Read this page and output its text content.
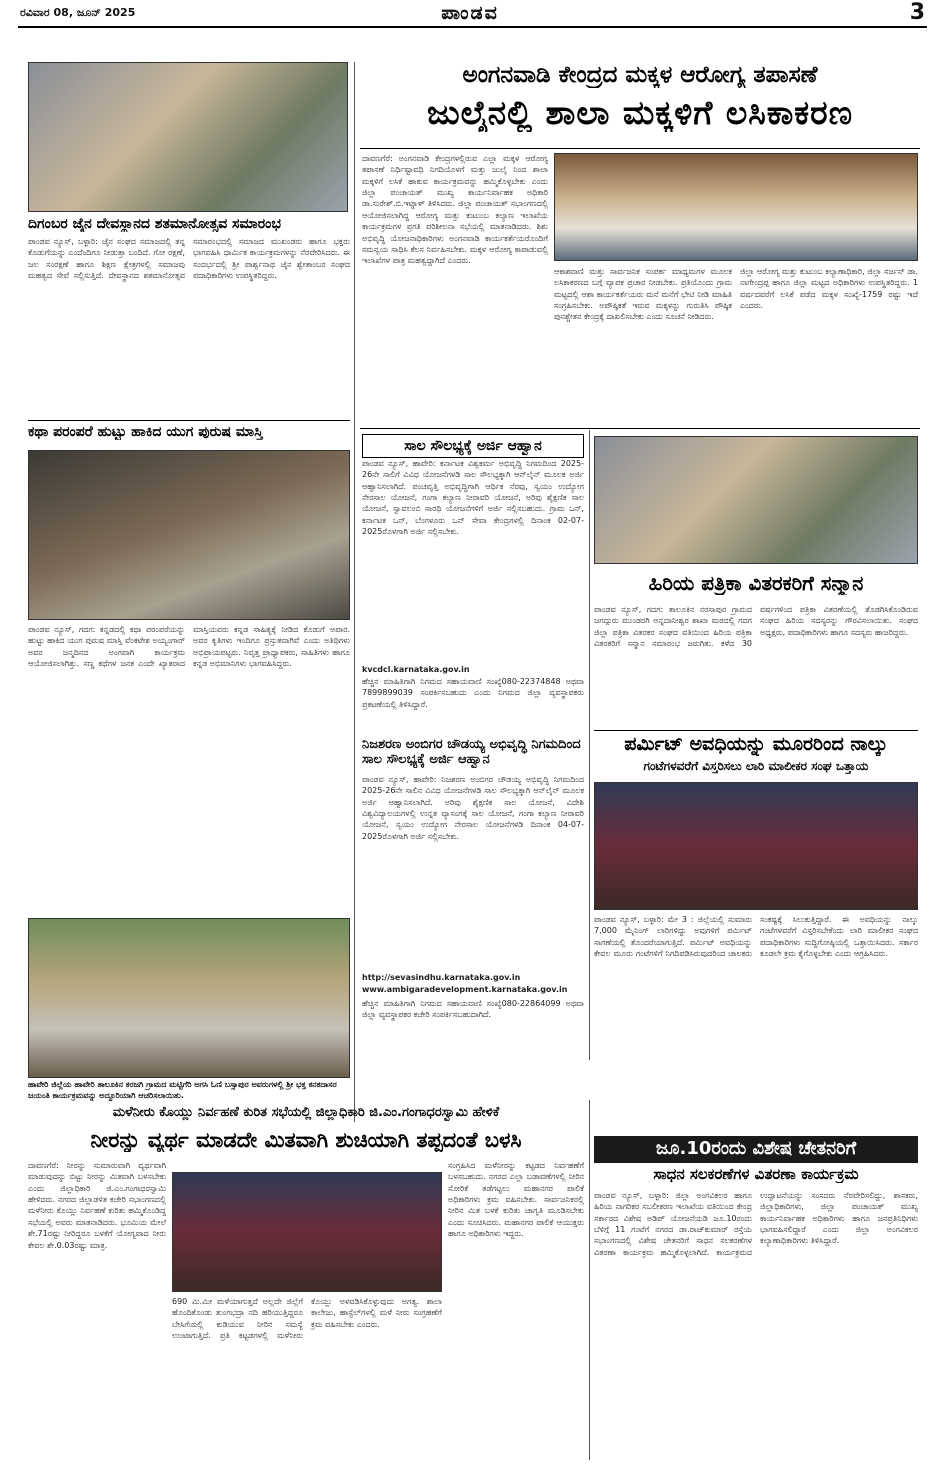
ರವಿವಾರ 08, ಜೂನ್ 2025	ಪಾಂಡವ	3
ದಿಗಂಬರ ಜೈನ ದೇವಸ್ಥಾನದ ಶತಮಾನೋತ್ಸವ ಸಮಾರಂಭ
ಪಾಂಡವ ನ್ಯೂಸ್, ಬಳ್ಳಾರಿ: ಜೈನ ಸಂಘದ ಸಮಾಜದಲ್ಲಿ ತನ್ನ ಕೊಡುಗೆಯನ್ನು ಎಂದೆಂದಿಗೂ ನೀಡುತ್ತಾ ಬಂದಿದೆ. ಗೋ ರಕ್ಷಣೆ, ಜಲ ಸಂರಕ್ಷಣೆ ಹಾಗೂ ಶಿಕ್ಷಣ ಕ್ಷೇತ್ರಗಳಲ್ಲಿ ಸಮಾಜವು ಮಹತ್ವದ ಸೇವೆ ಸಲ್ಲಿಸುತ್ತಿದೆ. ದೇವಸ್ಥಾನದ ಶತಮಾನೋತ್ಸವ ಸಮಾರಂಭದಲ್ಲಿ ಸಮಾಜದ ಮುಖಂಡರು ಹಾಗೂ ಭಕ್ತರು ಭಾಗವಹಿಸಿ ಧಾರ್ಮಿಕ ಕಾರ್ಯಕ್ರಮಗಳನ್ನು ನೆರವೇರಿಸಿದರು. ಈ ಸಂದರ್ಭದಲ್ಲಿ ಶ್ರೀ ಪಾರ್ಶ್ವನಾಥ ಜೈನ ಶ್ವೇತಾಂಬರ ಸಂಘದ ಪದಾಧಿಕಾರಿಗಳು ಉಪಸ್ಥಿತರಿದ್ದರು.
ಕಥಾ ಪರಂಪರೆ ಹುಟ್ಟು ಹಾಕಿದ ಯುಗ ಪುರುಷ ಮಾಸ್ತಿ
ಪಾಂಡವ ನ್ಯೂಸ್, ಗದಗ: ಕನ್ನಡದಲ್ಲಿ ಕಥಾ ಪರಂಪರೆಯನ್ನು ಹುಟ್ಟು ಹಾಕಿದ ಯುಗ ಪುರುಷ ಮಾಸ್ತಿ ವೆಂಕಟೇಶ ಅಯ್ಯಂಗಾರ್ ಅವರ ಜನ್ಮದಿನದ ಅಂಗವಾಗಿ ಕಾರ್ಯಕ್ರಮ ಆಯೋಜಿಸಲಾಗಿತ್ತು. ಸಣ್ಣ ಕಥೆಗಳ ಜನಕ ಎಂದೇ ಖ್ಯಾತರಾದ ಮಾಸ್ತಿಯವರು ಕನ್ನಡ ಸಾಹಿತ್ಯಕ್ಕೆ ನೀಡಿದ ಕೊಡುಗೆ ಅಪಾರ. ಅವರ ಕೃತಿಗಳು ಇಂದಿಗೂ ಪ್ರಸ್ತುತವಾಗಿವೆ ಎಂದು ಅತಿಥಿಗಳು ಅಭಿಪ್ರಾಯಪಟ್ಟರು. ನಿವೃತ್ತ ಪ್ರಾಧ್ಯಾಪಕರು, ಸಾಹಿತಿಗಳು ಹಾಗೂ ಕನ್ನಡ ಅಭಿಮಾನಿಗಳು ಭಾಗವಹಿಸಿದ್ದರು.
ಹಾವೇರಿ ಜಿಲ್ಲೆಯ ಹಾವೇರಿ ತಾಲೂಕಿನ ಕರಜಗಿ ಗ್ರಾಮದ ಮಟ್ಟಿಗೆರಿ ಅಗಸಿ ಓಣಿ ಬಸ್ಸಾಪುರ ಅವರುಗಳಲ್ಲಿ ಶ್ರೀ ಭಕ್ತ ಕನಕದಾಸರ ಜಯಂತಿ ಕಾರ್ಯಕ್ರಮವನ್ನು ಅದ್ದೂರಿಯಾಗಿ ಆಚರಿಸಲಾಯಿತು.
ಅಂಗನವಾಡಿ ಕೇಂದ್ರದ ಮಕ್ಕಳ ಆರೋಗ್ಯ ತಪಾಸಣೆ
ಜುಲೈನಲ್ಲಿ ಶಾಲಾ ಮಕ್ಕಳಿಗೆ ಲಸಿಕಾಕರಣ
ದಾವಣಗೆರೆ: ಅಂಗನವಾಡಿ ಕೇಂದ್ರಗಳಲ್ಲಿರುವ ಎಲ್ಲಾ ಮಕ್ಕಳ ಆರೋಗ್ಯ ತಪಾಸಣೆ ನಿರ್ಧಿಷ್ಟಾವಧಿ ನಿಗದಿಯೊಳಗೆ ಮತ್ತು ಜುಲೈ ನಿಂದ ಶಾಲಾ ಮಕ್ಕಳಿಗೆ ಲಸಿಕೆ ಹಾಕುವ ಕಾರ್ಯಕ್ರಮವನ್ನು ಹಮ್ಮಿಕೊಳ್ಳಬೇಕು ಎಂದು ಜಿಲ್ಲಾ ಪಂಚಾಯತ್ ಮುಖ್ಯ ಕಾರ್ಯನಿರ್ವಾಹಕ ಅಧಿಕಾರಿ ಡಾ.ಸುರೇಶ್.ಬಿ.ಇಟ್ನಾಳ್ ತಿಳಿಸಿದರು. ಜಿಲ್ಲಾ ಪಂಚಾಯತ್ ಸಭಾಂಗಣದಲ್ಲಿ ಆಯೋಜಿಸಲಾಗಿದ್ದ ಆರೋಗ್ಯ ಮತ್ತು ಕುಟುಂಬ ಕಲ್ಯಾಣ ಇಲಾಖೆಯ ಕಾರ್ಯಕ್ರಮಗಳ ಪ್ರಗತಿ ಪರಿಶೀಲನಾ ಸಭೆಯಲ್ಲಿ ಮಾತನಾಡಿದರು. ಶಿಶು ಅಭಿವೃದ್ಧಿ ಯೋಜನಾಧಿಕಾರಿಗಳು ಅಂಗನವಾಡಿ ಕಾರ್ಯಕರ್ತೆಯರೊಂದಿಗೆ ಸಮನ್ವಯ ಸಾಧಿಸಿ ಕೆಲಸ ನಿರ್ವಹಿಸಬೇಕು. ಮಕ್ಕಳ ಆರೋಗ್ಯ ಕಾಪಾಡುವಲ್ಲಿ ಇಲಾಖೆಗಳ ಪಾತ್ರ ಮಹತ್ವದ್ದಾಗಿದೆ ಎಂದರು.
ಆಕಾಶವಾಣಿ ಮತ್ತು ಸಾರ್ವಜನಿಕ ಸಂಪರ್ಕ ಮಾಧ್ಯಮಗಳ ಮೂಲಕ ಲಸಿಕಾಕರಣದ ಬಗ್ಗೆ ವ್ಯಾಪಕ ಪ್ರಚಾರ ನೀಡಬೇಕು. ಪ್ರತಿಯೊಂದು ಗ್ರಾಮ ಮಟ್ಟದಲ್ಲಿ ಆಶಾ ಕಾರ್ಯಕರ್ತೆಯರು ಮನೆ ಮನೆಗೆ ಭೇಟಿ ನೀಡಿ ಮಾಹಿತಿ ಸಂಗ್ರಹಿಸಬೇಕು. ಅಪೌಷ್ಠಿಕತೆ ಇರುವ ಮಕ್ಕಳನ್ನು ಗುರುತಿಸಿ ಪೌಷ್ಠಿಕ ಪುನಶ್ಚೇತನ ಕೇಂದ್ರಕ್ಕೆ ದಾಖಲಿಸಬೇಕು ಎಂದು ಸೂಚನೆ ನೀಡಿದರು.
ಜಿಲ್ಲಾ ಆರೋಗ್ಯ ಮತ್ತು ಕುಟುಂಬ ಕಲ್ಯಾಣಾಧಿಕಾರಿ, ಜಿಲ್ಲಾ ಸರ್ಜನ್ ಡಾ. ನಾಗೇಂದ್ರಪ್ಪ ಹಾಗೂ ಜಿಲ್ಲಾ ಮಟ್ಟದ ಅಧಿಕಾರಿಗಳು ಉಪಸ್ಥಿತರಿದ್ದರು. 1 ವರ್ಷದವರೆಗೆ ಲಸಿಕೆ ಪಡೆದ ಮಕ್ಕಳ ಸಂಖ್ಯೆ-1759 ರಷ್ಟು ಇದೆ ಎಂದರು.
ಸಾಲ ಸೌಲಭ್ಯಕ್ಕೆ ಅರ್ಜಿ ಆಹ್ವಾನ
ಪಾಂಡವ ನ್ಯೂಸ್, ಹಾವೇರಿ: ಕರ್ನಾಟಕ ವಿಶ್ವಕರ್ಮ ಅಭಿವೃದ್ಧಿ ನಿಗಮದಿಂದ 2025-26ನೇ ಸಾಲಿಗೆ ವಿವಿಧ ಯೋಜನೆಗಳಡಿ ಸಾಲ ಸೌಲಭ್ಯಕ್ಕಾಗಿ ಆನ್‌ಲೈನ್ ಮೂಲಕ ಅರ್ಜಿ ಆಹ್ವಾನಿಸಲಾಗಿದೆ. ಪಂಚವೃತ್ತಿ ಅಭಿವೃದ್ಧಿಗಾಗಿ ಆರ್ಥಿಕ ನೆರವು, ಸ್ವಯಂ ಉದ್ಯೋಗ ನೇರಸಾಲ ಯೋಜನೆ, ಗಂಗಾ ಕಲ್ಯಾಣ ನೀರಾವರಿ ಯೋಜನೆ, ಅರಿವು ಶೈಕ್ಷಣಿಕ ಸಾಲ ಯೋಜನೆ, ಸ್ವಾವಲಂಬಿ ಸಾರಥಿ ಯೋಜನೆಗಳಿಗೆ ಅರ್ಜಿ ಸಲ್ಲಿಸಬಹುದು. ಗ್ರಾಮ ಒನ್, ಕರ್ನಾಟಕ ಒನ್, ಬೆಂಗಳೂರು ಒನ್ ಸೇವಾ ಕೇಂದ್ರಗಳಲ್ಲಿ ದಿನಾಂಕ 02-07-2025ರೊಳಗಾಗಿ ಅರ್ಜಿ ಸಲ್ಲಿಸಬೇಕು.
kvcdcl.karnataka.gov.in
ಹೆಚ್ಚಿನ ಮಾಹಿತಿಗಾಗಿ ನಿಗಮದ ಸಹಾಯವಾಣಿ ಸಂಖ್ಯೆ080-22374848 ಅಥವಾ 7899899039 ಸಂಪರ್ಕಿಸಬಹುದು ಎಂದು ನಿಗಮದ ಜಿಲ್ಲಾ ವ್ಯವಸ್ಥಾಪಕರು ಪ್ರಕಟಣೆಯಲ್ಲಿ ತಿಳಿಸಿದ್ದಾರೆ.
ನಿಜಶರಣ ಅಂಬಿಗರ ಚೌಡಯ್ಯ ಅಭಿವೃದ್ಧಿ ನಿಗಮದಿಂದ ಸಾಲ ಸೌಲಭ್ಯಕ್ಕೆ ಅರ್ಜಿ ಆಹ್ವಾನ
ಪಾಂಡವ ನ್ಯೂಸ್, ಹಾವೇರಿ: ನಿಜಶರಣ ಅಂಬಿಗರ ಚೌಡಯ್ಯ ಅಭಿವೃದ್ಧಿ ನಿಗಮದಿಂದ 2025-26ನೇ ಸಾಲಿನ ವಿವಿಧ ಯೋಜನೆಗಳಡಿ ಸಾಲ ಸೌಲಭ್ಯಕ್ಕಾಗಿ ಆನ್‌ಲೈನ್ ಮೂಲಕ ಅರ್ಜಿ ಆಹ್ವಾನಿಸಲಾಗಿದೆ. ಅರಿವು ಶೈಕ್ಷಣಿಕ ಸಾಲ ಯೋಜನೆ, ವಿದೇಶಿ ವಿಶ್ವವಿದ್ಯಾಲಯಗಳಲ್ಲಿ ಉನ್ನತ ವ್ಯಾಸಂಗಕ್ಕೆ ಸಾಲ ಯೋಜನೆ, ಗಂಗಾ ಕಲ್ಯಾಣ ನೀರಾವರಿ ಯೋಜನೆ, ಸ್ವಯಂ ಉದ್ಯೋಗ ನೇರಸಾಲ ಯೋಜನೆಗಳಡಿ ದಿನಾಂಕ 04-07-2025ರೊಳಗಾಗಿ ಅರ್ಜಿ ಸಲ್ಲಿಸಬೇಕು.
http://sevasindhu.karnataka.gov.in
www.ambigaradevelopment.karnataka.gov.in
ಹೆಚ್ಚಿನ ಮಾಹಿತಿಗಾಗಿ ನಿಗಮದ ಸಹಾಯವಾಣಿ ಸಂಖ್ಯೆ080-22864099 ಅಥವಾ ಜಿಲ್ಲಾ ವ್ಯವಸ್ಥಾಪಕರ ಕಚೇರಿ ಸಂಪರ್ಕಿಸಬಹುದಾಗಿದೆ.
ಹಿರಿಯ ಪತ್ರಿಕಾ ವಿತರಕರಿಗೆ ಸನ್ಮಾನ
ಪಾಂಡವ ನ್ಯೂಸ್, ಗದಗ: ತಾಲೂಕಿನ ನರಸಾಪುರ ಗ್ರಾಮದ ಜಗದ್ಗುರು ಮುಂಡರಗಿ ಅನ್ನದಾನೀಶ್ವರ ಶಾಖಾ ಮಠದಲ್ಲಿ ಗದಗ ಜಿಲ್ಲಾ ಪತ್ರಿಕಾ ವಿತರಕರ ಸಂಘದ ವತಿಯಿಂದ ಹಿರಿಯ ಪತ್ರಿಕಾ ವಿತರಕರಿಗೆ ಸನ್ಮಾನ ಸಮಾರಂಭ ಜರುಗಿತು. ಕಳೆದ 30 ವರ್ಷಗಳಿಂದ ಪತ್ರಿಕಾ ವಿತರಣೆಯಲ್ಲಿ ತೊಡಗಿಸಿಕೊಂಡಿರುವ ಸಂಘದ ಹಿರಿಯ ಸದಸ್ಯರನ್ನು ಗೌರವಿಸಲಾಯಿತು. ಸಂಘದ ಅಧ್ಯಕ್ಷರು, ಪದಾಧಿಕಾರಿಗಳು ಹಾಗೂ ಸದಸ್ಯರು ಹಾಜರಿದ್ದರು.
ಪರ್ಮಿಟ್ ಅವಧಿಯನ್ನು ಮೂರರಿಂದ ನಾಲ್ಕು
ಗಂಟೆಗಳವರೆಗೆ ವಿಸ್ತರಿಸಲು ಲಾರಿ ಮಾಲೀಕರ ಸಂಘ ಒತ್ತಾಯ
ಪಾಂಡವ ನ್ಯೂಸ್, ಬಳ್ಳಾರಿ: ಮೇ 3 : ಜಿಲ್ಲೆಯಲ್ಲಿ ಸುಮಾರು 7,000 ಮೈನಿಂಗ್ ಲಾರಿಗಳಿದ್ದು ಅವುಗಳಿಗೆ ಪರ್ಮಿಟ್ ಸಾಗಣೆಯಲ್ಲಿ ತೊಂದರೆಯಾಗುತ್ತಿದೆ. ಪರ್ಮಿಟ್ ಅವಧಿಯನ್ನು ಕೇವಲ ಮೂರು ಗಂಟೆಗಳಿಗೆ ನಿಗದಿಪಡಿಸಿರುವುದರಿಂದ ಚಾಲಕರು ಸಂಕಷ್ಟಕ್ಕೆ ಸಿಲುಕುತ್ತಿದ್ದಾರೆ. ಈ ಅವಧಿಯನ್ನು ನಾಲ್ಕು ಗಂಟೆಗಳವರೆಗೆ ವಿಸ್ತರಿಸಬೇಕೆಂದು ಲಾರಿ ಮಾಲೀಕರ ಸಂಘದ ಪದಾಧಿಕಾರಿಗಳು ಸುದ್ದಿಗೋಷ್ಠಿಯಲ್ಲಿ ಒತ್ತಾಯಿಸಿದರು. ಸರ್ಕಾರ ಕೂಡಲೇ ಕ್ರಮ ಕೈಗೊಳ್ಳಬೇಕು ಎಂದು ಆಗ್ರಹಿಸಿದರು.
ಮಳೆನೀರು ಕೊಯ್ಲು ನಿರ್ವಹಣೆ ಕುರಿತ ಸಭೆಯಲ್ಲಿ ಜಿಲ್ಲಾಧಿಕಾರಿ ಜಿ.ಎಂ.ಗಂಗಾಧರಸ್ವಾಮಿ ಹೇಳಿಕೆ
ನೀರನ್ನು ವ್ಯರ್ಥ ಮಾಡದೇ ಮಿತವಾಗಿ ಶುಚಿಯಾಗಿ ತಪ್ಪದಂತೆ ಬಳಸಿ
ದಾವಣಗೆರೆ: ನೀರನ್ನು ಸುಮಾರುವಾಗಿ ವ್ಯರ್ಥವಾಗಿ ಮಾಡುವುದನ್ನು ಬಿಟ್ಟು ನೀರನ್ನು ಮಿತವಾಗಿ ಬಳಸಬೇಕು ಎಂದು ಜಿಲ್ಲಾಧಿಕಾರಿ ಜಿ.ಎಂ.ಗಂಗಾಧರಸ್ವಾಮಿ ಹೇಳಿದರು. ನಗರದ ಜಿಲ್ಲಾಡಳಿತ ಕಚೇರಿ ಸಭಾಂಗಣದಲ್ಲಿ ಮಳೆನೀರು ಕೊಯ್ಲು ನಿರ್ವಹಣೆ ಕುರಿತು ಹಮ್ಮಿಕೊಂಡಿದ್ದ ಸಭೆಯಲ್ಲಿ ಅವರು ಮಾತನಾಡಿದರು. ಭೂಮಿಯ ಮೇಲೆ ಶೇ.71ರಷ್ಟು ನೀರಿದ್ದರೂ ಬಳಕೆಗೆ ಯೋಗ್ಯವಾದ ನೀರು ಕೇವಲ ಶೇ.0.03ರಷ್ಟು ಮಾತ್ರ.
690 ಮಿ.ಮೀ ಮಳೆಯಾಗುತ್ತದೆ ಅಲ್ಲದೇ ಜಿಲ್ಲೆಗೆ ಹೊಂದಿಕೊಂಡು ತುಂಗಭದ್ರಾ ನದಿ ಹರಿಯುತ್ತಿದ್ದರೂ ಬೇಸಿಗೆಯಲ್ಲಿ ಕುಡಿಯುವ ನೀರಿನ ಸಮಸ್ಯೆ ಉಂಟಾಗುತ್ತಿದೆ. ಪ್ರತಿ ಕಟ್ಟಡಗಳಲ್ಲಿ ಮಳೆನೀರು ಕೊಯ್ಲು ಅಳವಡಿಸಿಕೊಳ್ಳುವುದು ಅಗತ್ಯ. ಶಾಲಾ ಕಾಲೇಜು, ಹಾಸ್ಟೆಲ್‌ಗಳಲ್ಲಿ ಮಳೆ ನೀರು ಸಂಗ್ರಹಣೆಗೆ ಕ್ರಮ ವಹಿಸಬೇಕು ಎಂದರು.
ಸಂಗ್ರಹಿಸಿದ ಮಳೆನೀರನ್ನು ಕಟ್ಟಡದ ನಿರ್ವಹಣೆಗೆ ಬಳಸಬಹುದು. ನಗರದ ಎಲ್ಲಾ ಬಡಾವಣೆಗಳಲ್ಲಿ ನೀರಿನ ಸೋರಿಕೆ ತಡೆಗಟ್ಟಲು ಮಹಾನಗರ ಪಾಲಿಕೆ ಅಧಿಕಾರಿಗಳು ಕ್ರಮ ವಹಿಸಬೇಕು. ಸಾರ್ವಜನಿಕರಲ್ಲಿ ನೀರಿನ ಮಿತ ಬಳಕೆ ಕುರಿತು ಜಾಗೃತಿ ಮೂಡಿಸಬೇಕು ಎಂದು ಸೂಚಿಸಿದರು. ಮಹಾನಗರ ಪಾಲಿಕೆ ಆಯುಕ್ತರು ಹಾಗೂ ಅಧಿಕಾರಿಗಳು ಇದ್ದರು.
ಜೂ.10ರಂದು ವಿಶೇಷ ಚೇತನರಿಗೆ
ಸಾಧನ ಸಲಕರಣೆಗಳ ವಿತರಣಾ ಕಾರ್ಯಕ್ರಮ
ಪಾಂಡವ ನ್ಯೂಸ್, ಬಳ್ಳಾರಿ: ಜಿಲ್ಲಾ ಅಂಗವಿಕಲರ ಹಾಗೂ ಹಿರಿಯ ನಾಗರಿಕರ ಸಬಲೀಕರಣ ಇಲಾಖೆಯ ವತಿಯಿಂದ ಕೇಂದ್ರ ಸರ್ಕಾರದ ವಿಶೇಷ ಅಡಿಪ್ ಯೋಜನೆಯಡಿ ಜೂ.10ರಂದು ಬೆಳಿಗ್ಗೆ 11 ಗಂಟೆಗೆ ನಗರದ ಡಾ.ರಾಜ್‌ಕುಮಾರ್ ರಸ್ತೆಯ ಸಭಾಂಗಣದಲ್ಲಿ ವಿಶೇಷ ಚೇತನರಿಗೆ ಸಾಧನ ಸಲಕರಣೆಗಳ ವಿತರಣಾ ಕಾರ್ಯಕ್ರಮ ಹಮ್ಮಿಕೊಳ್ಳಲಾಗಿದೆ. ಕಾರ್ಯಕ್ರಮದ ಉದ್ಘಾಟನೆಯನ್ನು ಸಂಸದರು ನೆರವೇರಿಸಲಿದ್ದು, ಶಾಸಕರು, ಜಿಲ್ಲಾಧಿಕಾರಿಗಳು, ಜಿಲ್ಲಾ ಪಂಚಾಯತ್ ಮುಖ್ಯ ಕಾರ್ಯನಿರ್ವಾಹಕ ಅಧಿಕಾರಿಗಳು ಹಾಗೂ ಜನಪ್ರತಿನಿಧಿಗಳು ಭಾಗವಹಿಸಲಿದ್ದಾರೆ ಎಂದು ಜಿಲ್ಲಾ ಅಂಗವಿಕಲರ ಕಲ್ಯಾಣಾಧಿಕಾರಿಗಳು ತಿಳಿಸಿದ್ದಾರೆ.
